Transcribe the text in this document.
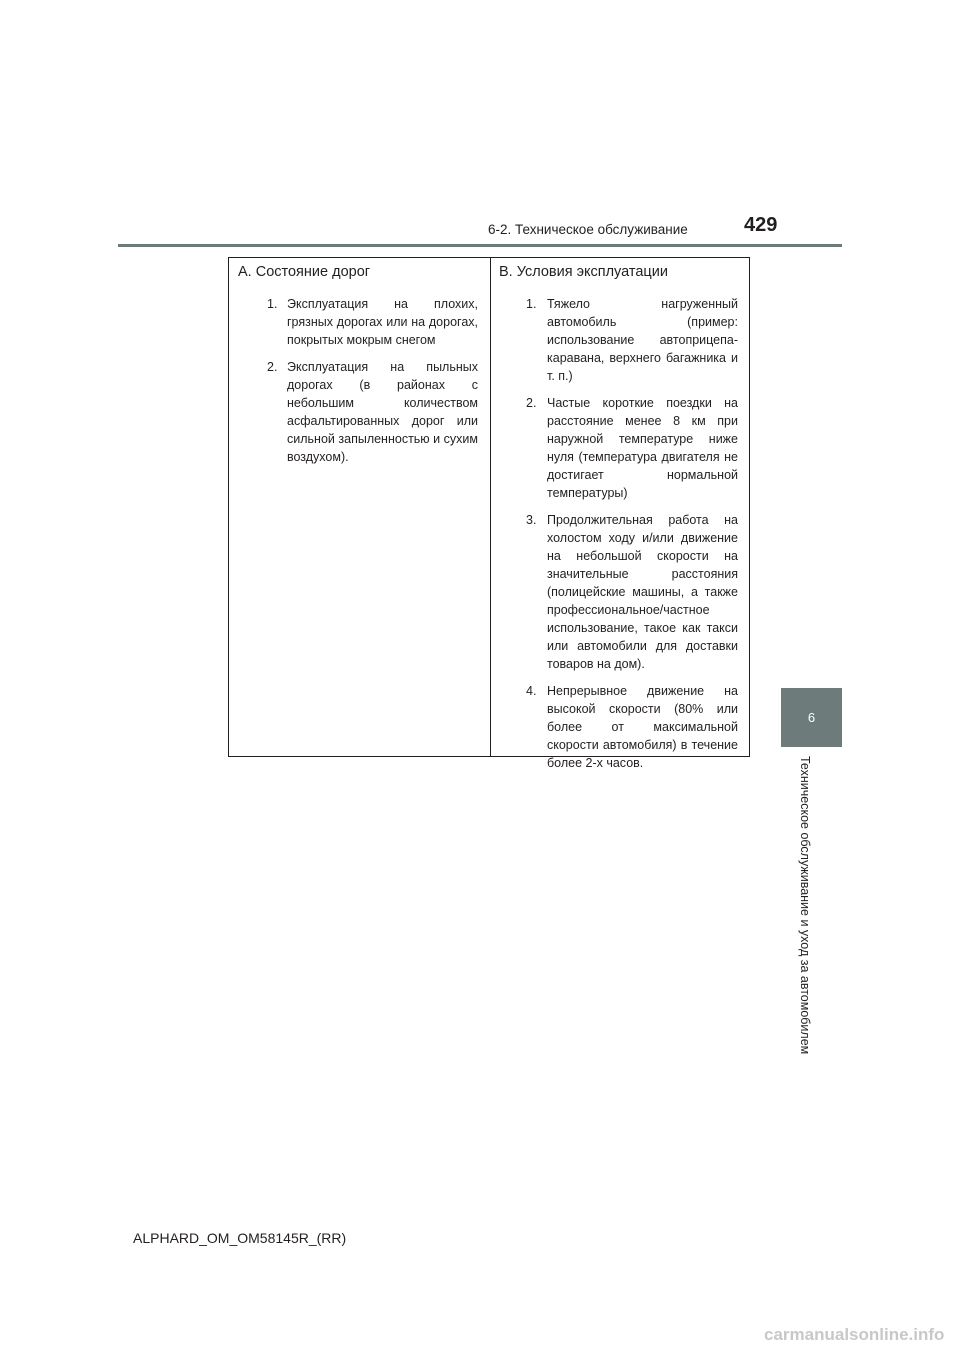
6-2. Техническое обслуживание	429
6
Техническое обслуживание и уход за автомобилем
A. Состояние дорог
1. Эксплуатация на плохих, грязных дорогах или на дорогах, покрытых мокрым снегом
2. Эксплуатация на пыльных дорогах (в районах с небольшим количеством асфальтированных дорог или сильной запыленностью и сухим воздухом).
B. Условия эксплуатации
1. Тяжело нагруженный автомобиль (пример: использование автоприцепа-каравана, верхнего багажника и т. п.)
2. Частые короткие поездки на расстояние менее 8 км при наружной температуре ниже нуля (температура двигателя не достигает нормальной температуры)
3. Продолжительная работа на холостом ходу и/или движение на небольшой скорости на значительные расстояния (полицейские машины, а также профессиональное/частное использование, такое как такси или автомобили для доставки товаров на дом).
4. Непрерывное движение на высокой скорости (80% или более от максимальной скорости автомобиля) в течение более 2-х часов.
ALPHARD_OM_OM58145R_(RR)
carmanualsonline.info
